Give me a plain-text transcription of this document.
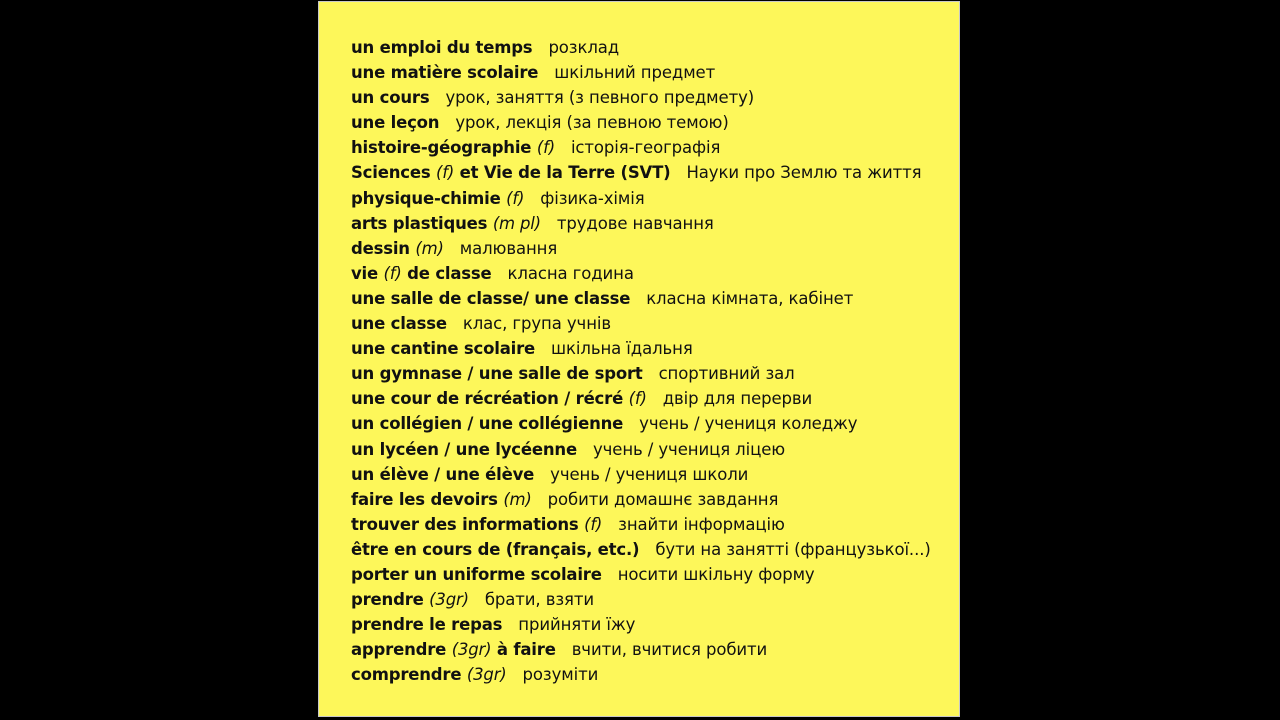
un emploi du temps розклад
une matière scolaire шкільний предмет
un cours урок, заняття (з певного предмету)
une leçon урок, лекція (за певною темою)
histoire-géographie (f) історія-географія
Sciences (f) et Vie de la Terre (SVT) Науки про Землю та життя
physique-chimie (f) фізика-хімія
arts plastiques (m pl) трудове навчання
dessin (m) малювання
vie (f) de classe класна година
une salle de classe/ une classe класна кімната, кабінет
une classe клас, група учнів
une cantine scolaire шкільна їдальня
un gymnase / une salle de sport спортивний зал
une cour de récréation / récré (f) двір для перерви
un collégien / une collégienne учень / учениця коледжу
un lycéen / une lycéenne учень / учениця ліцею
un élève / une élève учень / учениця школи
faire les devoirs (m) робити домашнє завдання
trouver des informations (f) знайти інформацію
être en cours de (français, etc.) бути на занятті (французької...)
porter un uniforme scolaire носити шкільну форму
prendre (3gr) брати, взяти
prendre le repas прийняти їжу
apprendre (3gr) à faire вчити, вчитися робити
comprendre (3gr) розуміти
